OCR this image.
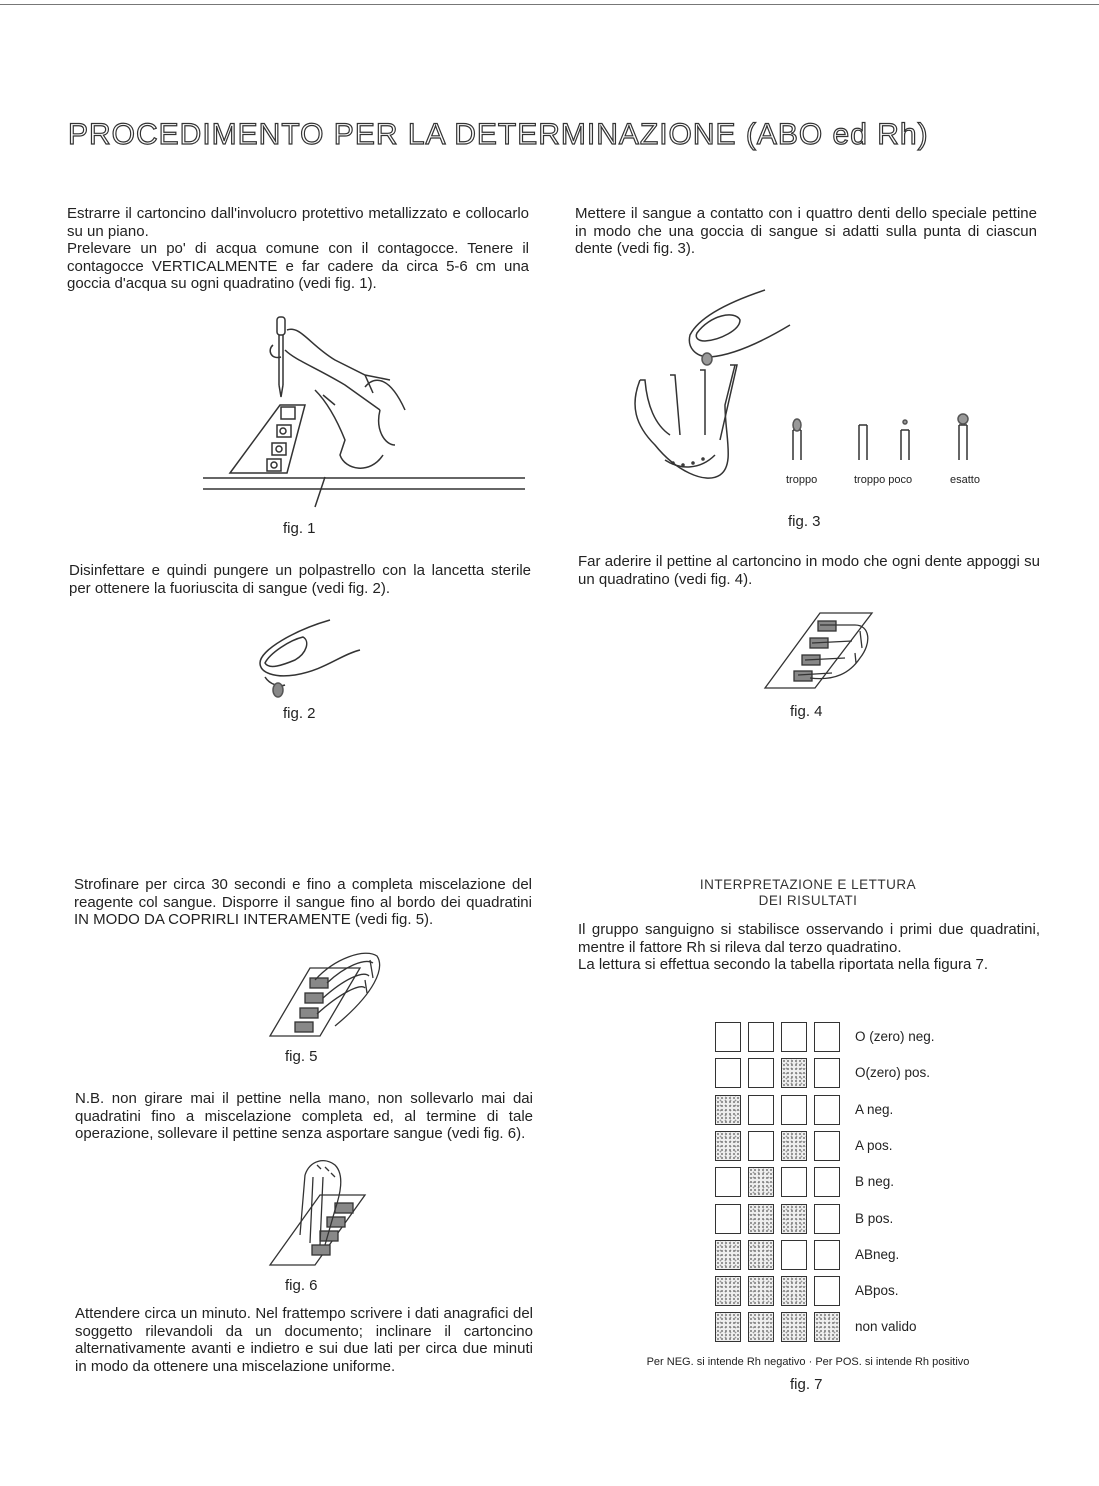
PROCEDIMENTO PER LA DETERMINAZIONE (ABO ed Rh)

Estrarre il cartoncino dall'involucro protettivo metallizzato e collocarlo su un piano.

Prelevare un po' di acqua comune con il contagocce. Tenere il contagocce VERTICALMENTE e far cadere da circa 5-6 cm una goccia d'acqua su ogni quadratino (vedi fig. 1).

fig. 1
Disinfettare e quindi pungere un polpastrello con la lancetta sterile per ottenere la fuoriuscita di sangue (vedi fig. 2).
fig. 2
Mettere il sangue a contatto con i quattro denti dello speciale pettine in modo che una goccia di sangue si adatti sulla punta di ciascun dente (vedi fig. 3).
troppo	troppo poco	esatto
fig. 3
Far aderire il pettine al cartoncino in modo che ogni dente appoggi su un quadratino (vedi fig. 4).
fig. 4
Strofinare per circa 30 secondi e fino a completa miscelazione del reagente col sangue. Disporre il sangue fino al bordo dei quadratini IN MODO DA COPRIRLI INTERAMENTE (vedi fig. 5).
fig. 5
N.B. non girare mai il pettine nella mano, non sollevarlo mai dai quadratini fino a miscelazione completa ed, al termine di tale operazione, sollevare il pettine senza asportare sangue (vedi fig. 6).
fig. 6
Attendere circa un minuto. Nel frattempo scrivere i dati anagrafici del soggetto rilevandoli da un documento; inclinare il cartoncino alternativamente avanti e indietro e sui due lati per circa due minuti in modo da ottenere una miscelazione uniforme.
INTERPRETAZIONE E LETTURA
DEI RISULTATI

Il gruppo sanguigno si stabilisce osservando i primi due quadratini, mentre il fattore Rh si rileva dal terzo quadratino.

La lettura si effettua secondo la tabella riportata nella figura 7.

O (zero) neg.
O(zero) pos.
A neg.
A pos.
B neg.
B pos.
ABneg.
ABpos.
non valido
Per NEG. si intende Rh negativo · Per POS. si intende Rh positivo
fig. 7
